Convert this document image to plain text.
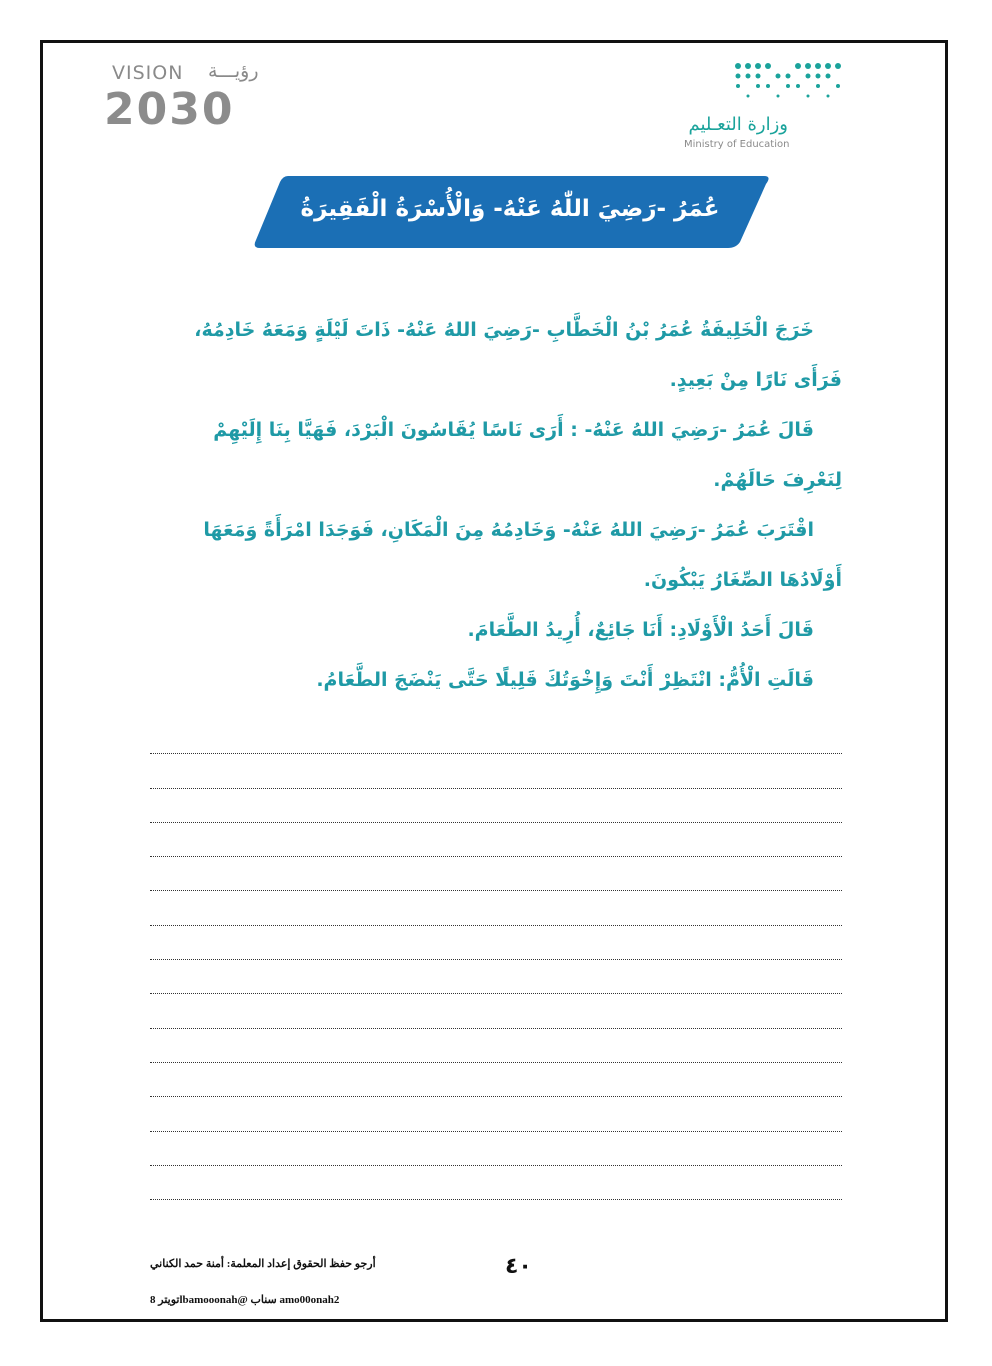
VISION رؤيـــة
2030	وزارة التعـليم
Ministry of Education
عُمَرُ -رَضِيَ اللّٰهُ عَنْهُ- وَالْأُسْرَةُ الْفَقِيرَةُ

خَرَجَ الْخَلِيفَةُ عُمَرُ بْنُ الْخَطَّابِ -رَضِيَ اللهُ عَنْهُ- ذَاتَ لَيْلَةٍ وَمَعَهُ خَادِمُهُ، فَرَأَى نَارًا مِنْ بَعِيدٍ.

قَالَ عُمَرُ -رَضِيَ اللهُ عَنْهُ- : أَرَى نَاسًا يُقَاسُونَ الْبَرْدَ، فَهَيَّا بِنَا إِلَيْهِمْ لِنَعْرِفَ حَالَهُمْ.

اقْتَرَبَ عُمَرُ -رَضِيَ اللهُ عَنْهُ- وَخَادِمُهُ مِنَ الْمَكَانِ، فَوَجَدَا امْرَأَةً وَمَعَهَا أَوْلَادُهَا الصِّغَارُ يَبْكُونَ.

قَالَ أَحَدُ الْأَوْلَادِ: أَنَا جَائِعٌ، أُرِيدُ الطَّعَامَ.

قَالَتِ الْأُمُّ: انْتَظِرْ أَنْتَ وَإِخْوَتُكَ قَلِيلًا حَتَّى يَنْضَجَ الطَّعَامُ.

٤٠
أرجو حفظ الحقوق إعداد المعلمة: أمنة حمد الكناني
تويتر 8lbamooonah@ سناب amo00onah2
